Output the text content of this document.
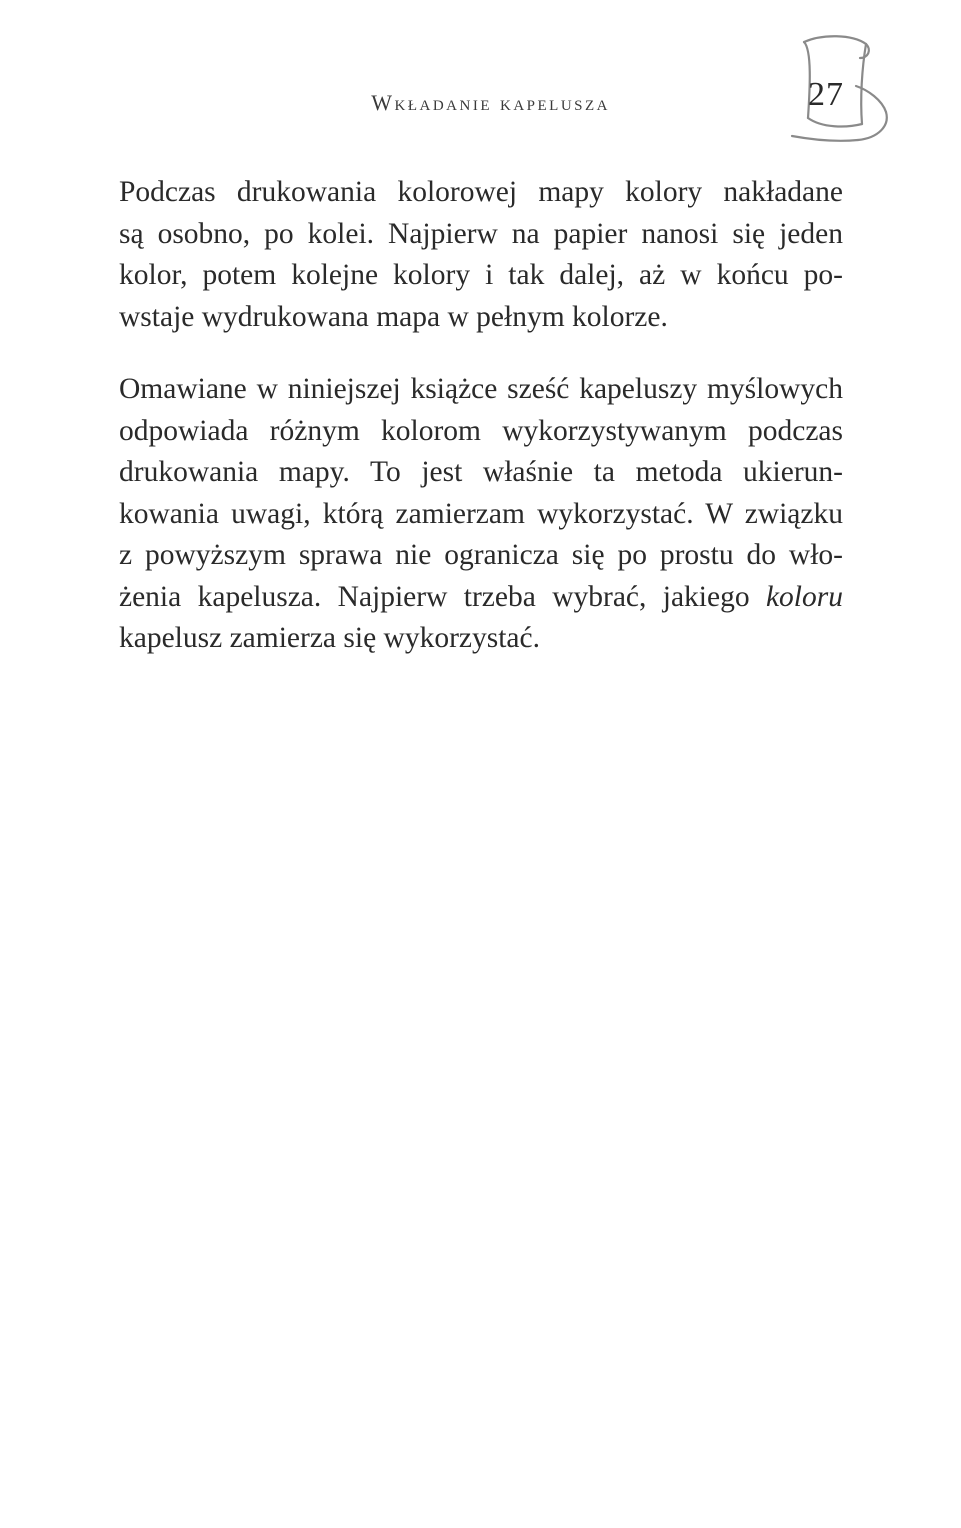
Wkładanie kapelusza	27

Podczas drukowania kolorowej mapy kolory nakładane
są osobno, po kolei. Najpierw na papier nanosi się jeden
kolor, potem kolejne kolory i tak dalej, aż w końcu po-
wstaje wydrukowana mapa w pełnym kolorze.

Omawiane w niniejszej książce sześć kapeluszy myślowych
odpowiada różnym kolorom wykorzystywanym podczas
drukowania mapy. To jest właśnie ta metoda ukierun-
kowania uwagi, którą zamierzam wykorzystać. W związku
z powyższym sprawa nie ogranicza się po prostu do wło-
żenia kapelusza. Najpierw trzeba wybrać, jakiego koloru
kapelusz zamierza się wykorzystać.
